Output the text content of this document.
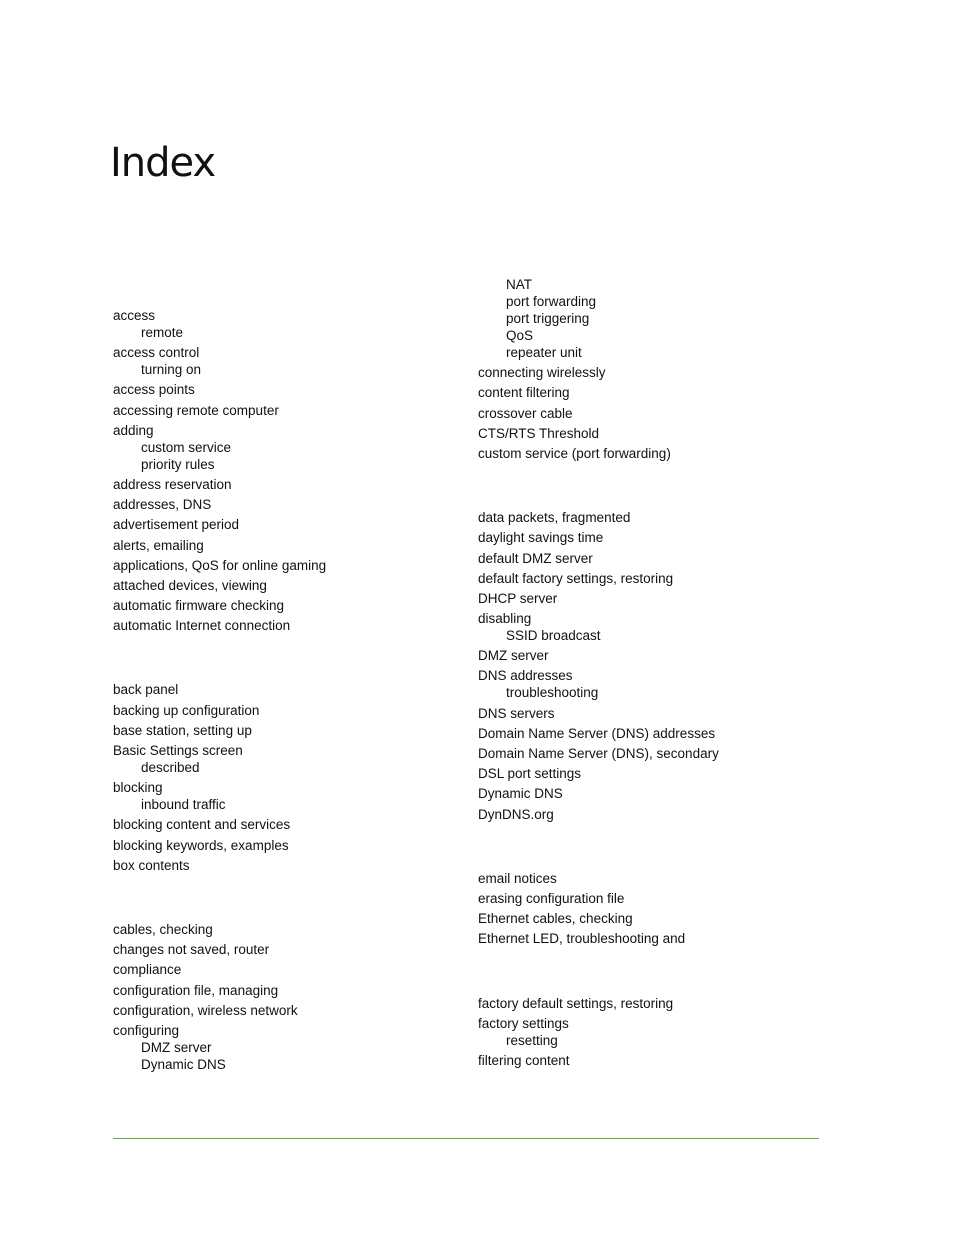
Index
access
remote
access control
turning on
access points
accessing remote computer
adding
custom service
priority rules
address reservation
addresses, DNS
advertisement period
alerts, emailing
applications, QoS for online gaming
attached devices, viewing
automatic firmware checking
automatic Internet connection
back panel
backing up configuration
base station, setting up
Basic Settings screen
described
blocking
inbound traffic
blocking content and services
blocking keywords, examples
box contents
cables, checking
changes not saved, router
compliance
configuration file, managing
configuration, wireless network
configuring
DMZ server
Dynamic DNS
NAT
port forwarding
port triggering
QoS
repeater unit
connecting wirelessly
content filtering
crossover cable
CTS/RTS Threshold
custom service (port forwarding)
data packets, fragmented
daylight savings time
default DMZ server
default factory settings, restoring
DHCP server
disabling
SSID broadcast
DMZ server
DNS addresses
troubleshooting
DNS servers
Domain Name Server (DNS) addresses
Domain Name Server (DNS), secondary
DSL port settings
Dynamic DNS
DynDNS.org
email notices
erasing configuration file
Ethernet cables, checking
Ethernet LED, troubleshooting and
factory default settings, restoring
factory settings
resetting
filtering content
